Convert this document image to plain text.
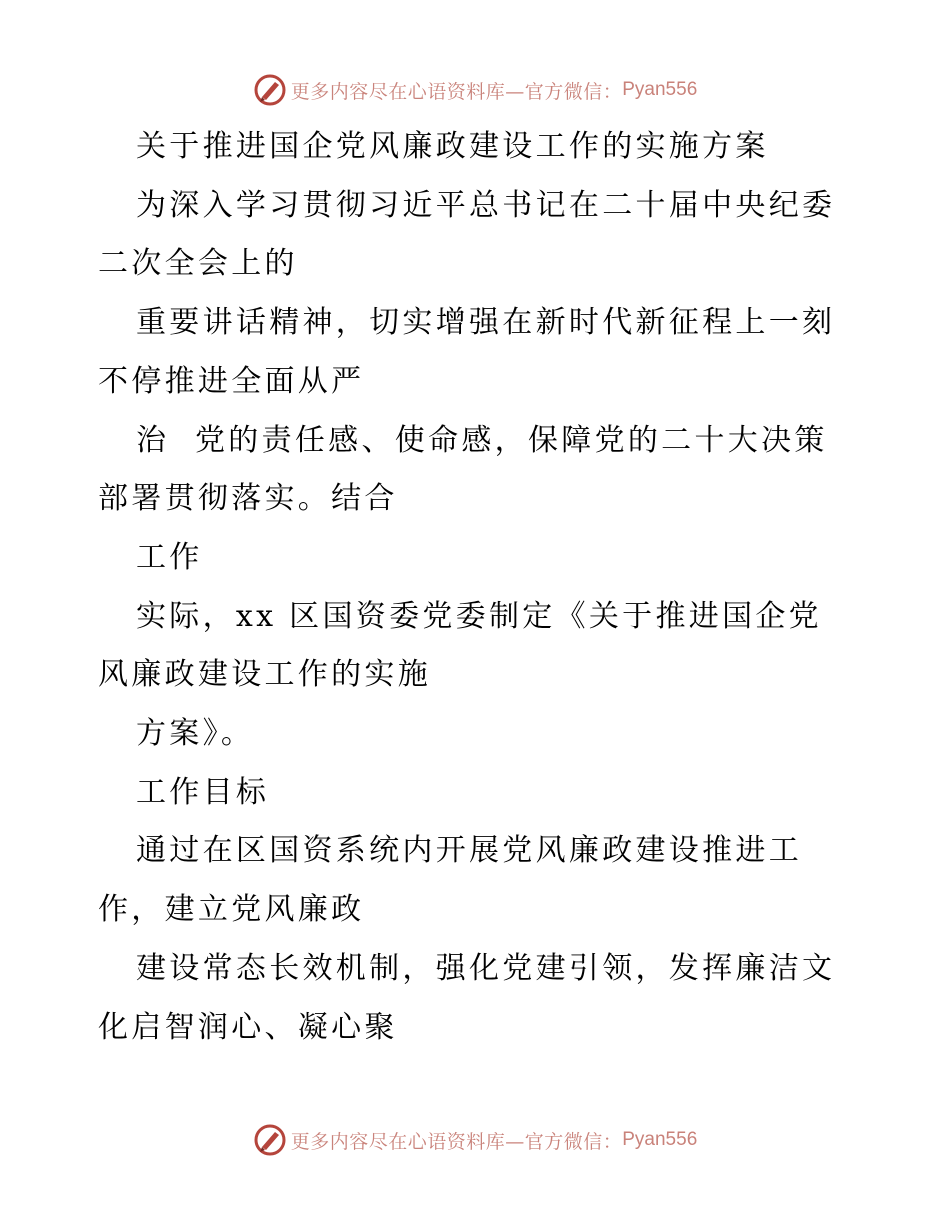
更多内容尽在心语资料库—官方微信： Pyan556

关于推进国企党风廉政建设工作的实施方案

为深入学习贯彻习近平总书记在二十届中央纪委二次全会上的

重要讲话精神，切实增强在新时代新征程上一刻不停推进全面从严

治  党的责任感、使命感，保障党的二十大决策部署贯彻落实。结合

工作

实际，xx 区国资委党委制定《关于推进国企党风廉政建设工作的实施

方案》。

工作目标

通过在区国资系统内开展党风廉政建设推进工作，建立党风廉政

建设常态长效机制，强化党建引领，发挥廉洁文化启智润心、凝心聚

更多内容尽在心语资料库—官方微信： Pyan556
